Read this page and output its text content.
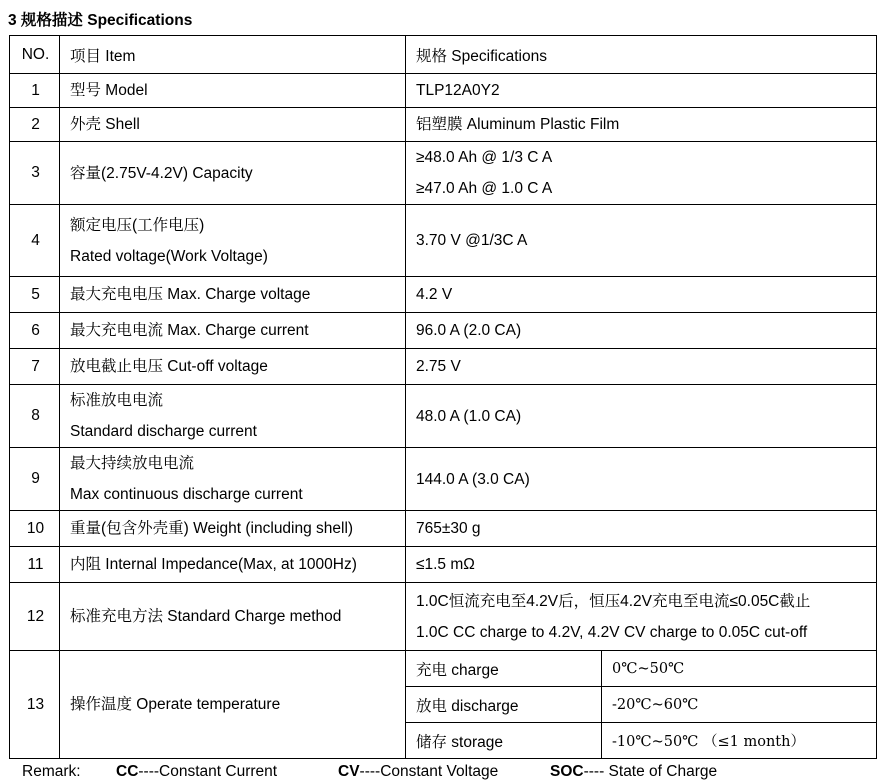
3 规格描述 Specifications
NO.	项目 Item	规格 Specifications	
1	型号 Model	TLP12A0Y2	

2	外壳 Shell	铝塑膜 Aluminum Plastic Film	

3	容量(2.75V-4.2V) Capacity	≥48.0 Ah @ 1/3 C A
≥47.0 Ah @ 1.0 C A	

4	额定电压(工作电压)
Rated voltage(Work Voltage)	3.70 V @1/3C A	

5	最大充电电压 Max. Charge voltage	4.2 V	

6	最大充电电流 Max. Charge current	96.0 A (2.0 CA)	

7	放电截止电压 Cut-off voltage	2.75 V	

8	标准放电电流
Standard discharge current	48.0 A (1.0 CA)	

9	最大持续放电电流
Max continuous discharge current	144.0 A (3.0 CA)	

10	重量(包含外壳重) Weight (including shell)	765±30 g	

11	内阻 Internal Impedance(Max, at 1000Hz)	≤1.5 mΩ	

12	标准充电方法 Standard Charge method	1.0C恒流充电至4.2V后，恒压4.2V充电至电流≤0.05C截止
1.0C CC charge to 4.2V, 4.2V CV charge to 0.05C cut-off	

13	操作温度 Operate temperature	充电 charge	0℃~50℃
		放电 discharge	-20℃~60℃
		储存 storage	-10℃~50℃ （≤1 month）
Remark: CC----Constant Current	CV----Constant Voltage	SOC---- State of Charge
